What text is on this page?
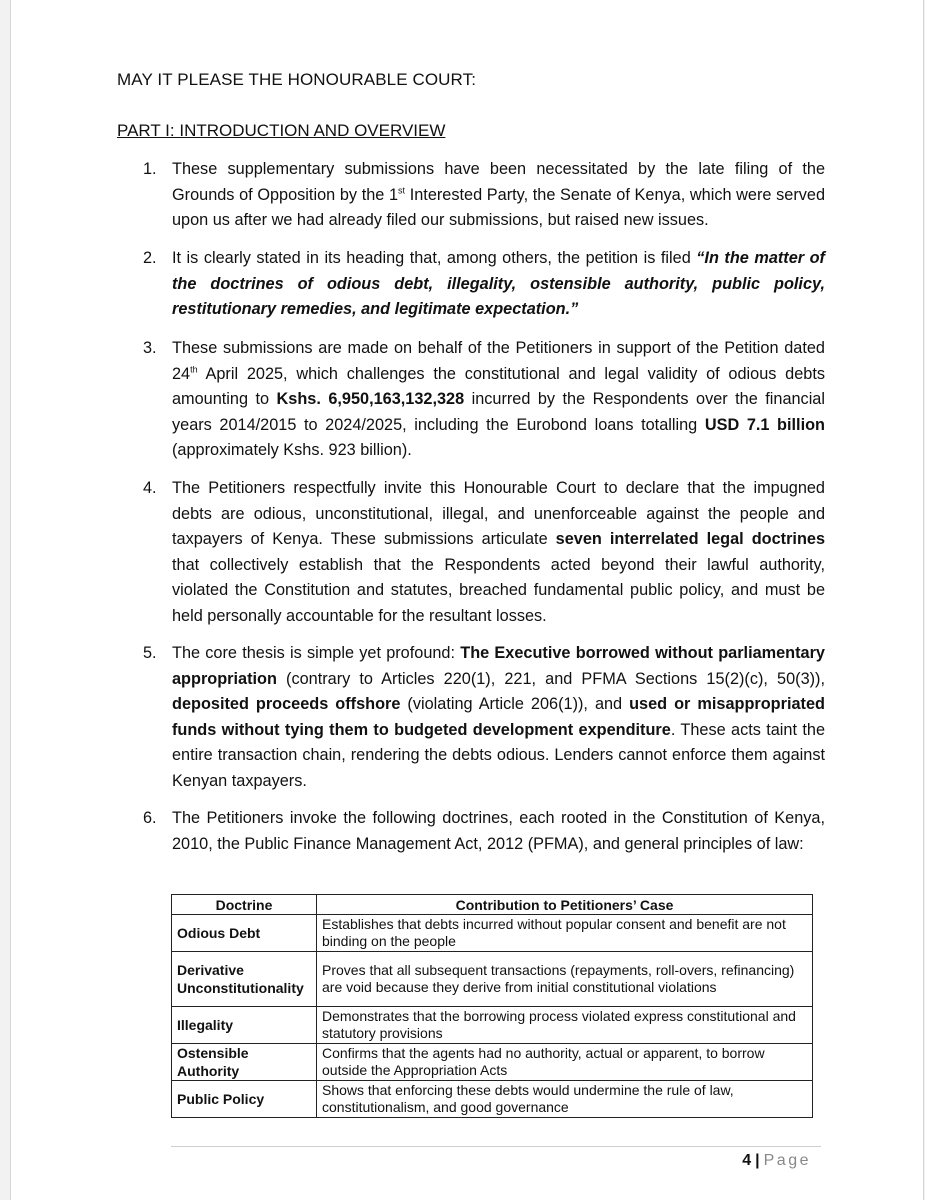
MAY IT PLEASE THE HONOURABLE COURT:
PART I: INTRODUCTION AND OVERVIEW
1. These supplementary submissions have been necessitated by the late filing of the Grounds of Opposition by the 1st Interested Party, the Senate of Kenya, which were served upon us after we had already filed our submissions, but raised new issues.
2. It is clearly stated in its heading that, among others, the petition is filed “In the matter of the doctrines of odious debt, illegality, ostensible authority, public policy, restitutionary remedies, and legitimate expectation.”
3. These submissions are made on behalf of the Petitioners in support of the Petition dated 24th April 2025, which challenges the constitutional and legal validity of odious debts amounting to Kshs. 6,950,163,132,328 incurred by the Respondents over the financial years 2014/2015 to 2024/2025, including the Eurobond loans totalling USD 7.1 billion (approximately Kshs. 923 billion).
4. The Petitioners respectfully invite this Honourable Court to declare that the impugned debts are odious, unconstitutional, illegal, and unenforceable against the people and taxpayers of Kenya. These submissions articulate seven interrelated legal doctrines that collectively establish that the Respondents acted beyond their lawful authority, violated the Constitution and statutes, breached fundamental public policy, and must be held personally accountable for the resultant losses.
5. The core thesis is simple yet profound: The Executive borrowed without parliamentary appropriation (contrary to Articles 220(1), 221, and PFMA Sections 15(2)(c), 50(3)), deposited proceeds offshore (violating Article 206(1)), and used or misappropriated funds without tying them to budgeted development expenditure. These acts taint the entire transaction chain, rendering the debts odious. Lenders cannot enforce them against Kenyan taxpayers.
6. The Petitioners invoke the following doctrines, each rooted in the Constitution of Kenya, 2010, the Public Finance Management Act, 2012 (PFMA), and general principles of law:
Doctrine	Contribution to Petitioners’ Case
Odious Debt	Establishes that debts incurred without popular consent and benefit are not binding on the people
Derivative Unconstitutionality	Proves that all subsequent transactions (repayments, roll-overs, refinancing) are void because they derive from initial constitutional violations
Illegality	Demonstrates that the borrowing process violated express constitutional and statutory provisions
Ostensible Authority	Confirms that the agents had no authority, actual or apparent, to borrow outside the Appropriation Acts
Public Policy	Shows that enforcing these debts would undermine the rule of law, constitutionalism, and good governance
4 | Page
